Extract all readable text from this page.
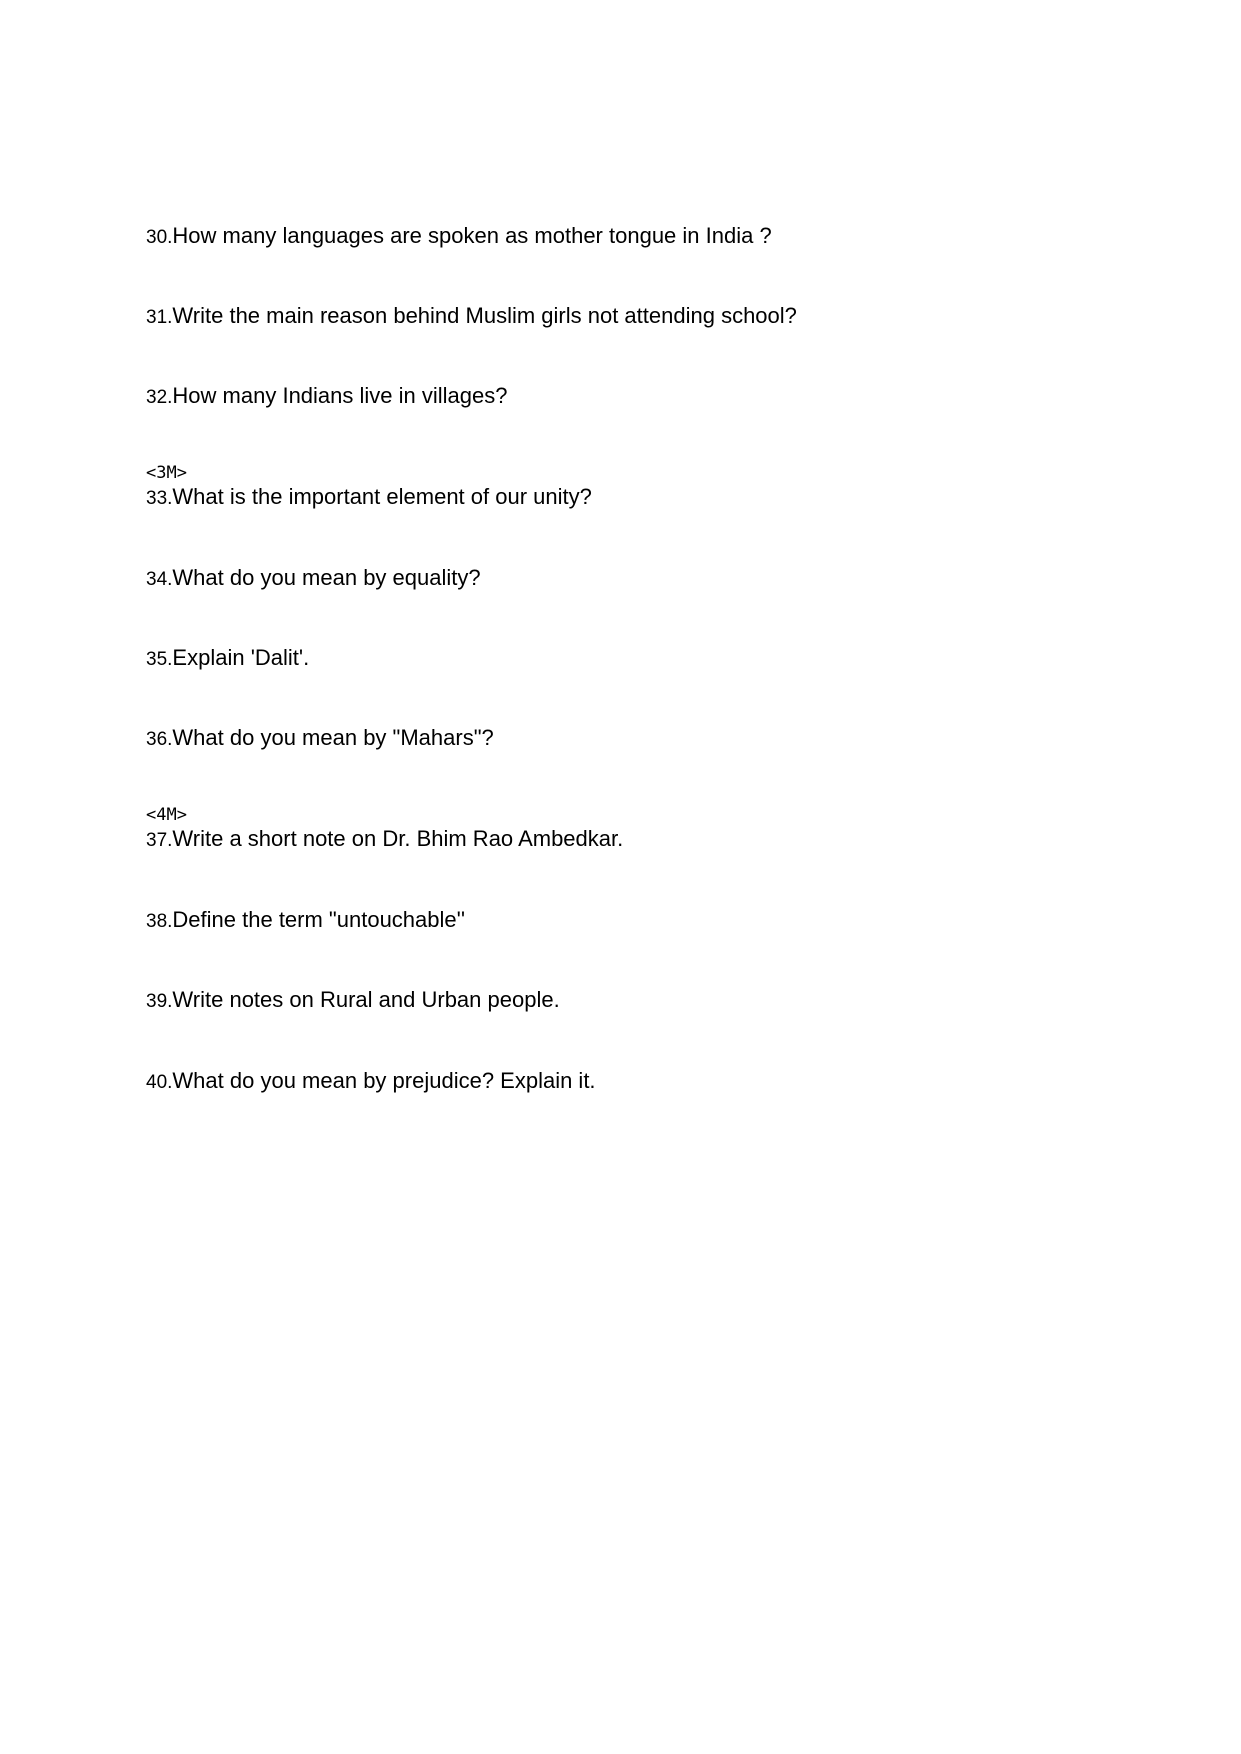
30.How many languages are spoken as mother tongue in India ?
31.Write the main reason behind Muslim girls not attending school?
32.How many Indians live in villages?
<3M>
33.What is the important element of our unity?
34.What do you mean by equality?
35.Explain 'Dalit'.
36.What do you mean by "Mahars"?
<4M>
37.Write a short note on Dr. Bhim Rao Ambedkar.
38.Define the term "untouchable''
39.Write notes on Rural and Urban people.
40.What do you mean by prejudice? Explain it.
